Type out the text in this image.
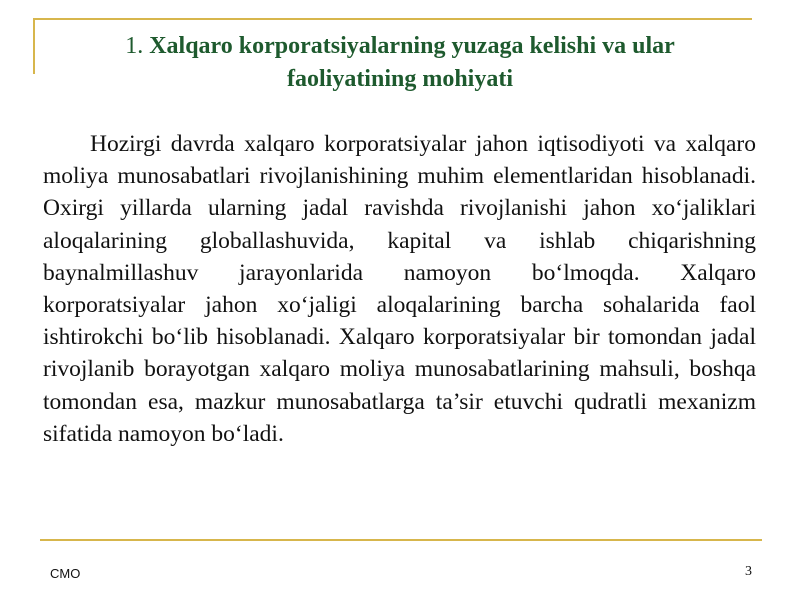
1. Xalqaro korporatsiyalarning yuzaga kelishi va ular faoliyatining mohiyati

Hozirgi davrda xalqaro korporatsiyalar jahon iqtisodiyoti va xalqaro moliya munosabatlari rivojlanishining muhim elementlaridan hisoblanadi. Oxirgi yillarda ularning jadal ravishda rivojlanishi jahon xo‘jaliklari aloqalarining globallashuvida, kapital va ishlab chiqarishning baynalmillashuv jarayonlarida namoyon bo‘lmoqda. Xalqaro korporatsiyalar jahon xo‘jaligi aloqalarining barcha sohalarida faol ishtirokchi bo‘lib hisoblanadi. Xalqaro korporatsiyalar bir tomondan jadal rivojlanib borayotgan xalqaro moliya munosabatlarining mahsuli, boshqa tomondan esa, mazkur munosabatlarga ta’sir etuvchi qudratli mexanizm sifatida namoyon bo‘ladi.

CMO	3
